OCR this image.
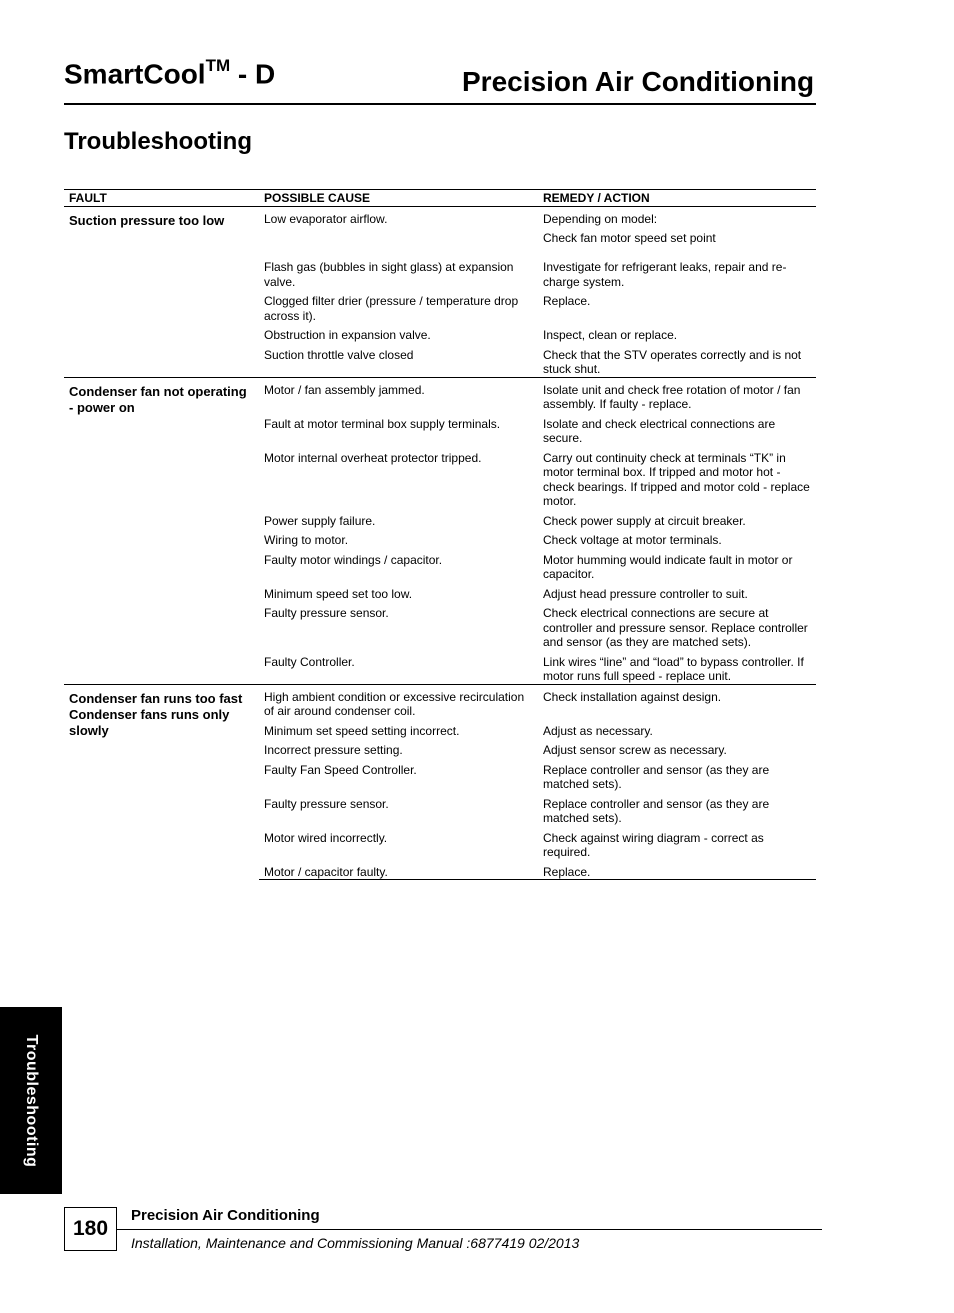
SmartCool™ - D	Precision Air Conditioning
Troubleshooting
FAULT	POSSIBLE CAUSE	REMEDY / ACTION

Suction pressure too low	Low evaporator airflow.	Depending on model:
		Check fan motor speed set point
	Flash gas (bubbles in sight glass) at expansion valve.	Investigate for refrigerant leaks, repair and re-charge system.
	Clogged filter drier (pressure / temperature drop across it).	Replace.
	Obstruction in expansion valve.	Inspect, clean or replace.
	Suction throttle valve closed	Check that the STV operates correctly and is not stuck shut.

Condenser fan not operating - power on	Motor / fan assembly jammed.	Isolate unit and check free rotation of motor / fan assembly. If faulty - replace.
	Fault at motor terminal box supply terminals.	Isolate and check electrical connections are secure.
	Motor internal overheat protector tripped.	Carry out continuity check at terminals “TK” in motor terminal box. If tripped and motor hot - check bearings. If tripped and motor cold - replace motor.
	Power supply failure.	Check power supply at circuit breaker.
	Wiring to motor.	Check voltage at motor terminals.
	Faulty motor windings / capacitor.	Motor humming would indicate fault in motor or capacitor.
	Minimum speed set too low.	Adjust head pressure controller to suit.
	Faulty pressure sensor.	Check electrical connections are secure at controller and pressure sensor. Replace controller and sensor (as they are matched sets).
	Faulty Controller.	Link wires “line” and “load” to bypass controller. If motor runs full speed - replace unit.

Condenser fan runs too fast
Condenser fans runs only slowly	High ambient condition or excessive recirculation of air around condenser coil.	Check installation against design.
	Minimum set speed setting incorrect.	Adjust as necessary.
	Incorrect pressure setting.	Adjust sensor screw as necessary.
	Faulty Fan Speed Controller.	Replace controller and sensor (as they are matched sets).
	Faulty pressure sensor.	Replace controller and sensor (as they are matched sets).
	Motor wired incorrectly.	Check against wiring diagram - correct as required.
	Motor / capacitor faulty.	Replace.
Troubleshooting
180
Precision Air Conditioning
Installation, Maintenance and Commissioning Manual :6877419 02/2013
